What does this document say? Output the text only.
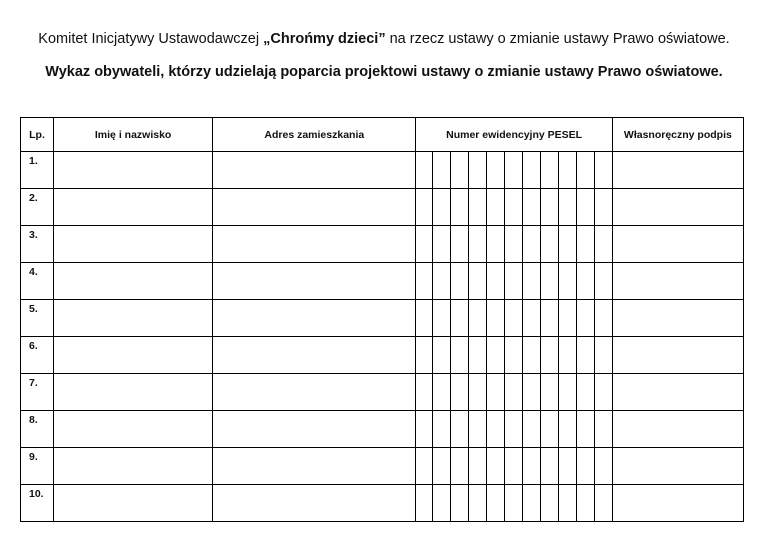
Komitet Inicjatywy Ustawodawczej „Chrońmy dzieci” na rzecz ustawy o zmianie ustawy Prawo oświatowe.
Wykaz obywateli, którzy udzielają poparcia projektowi ustawy o zmianie ustawy Prawo oświatowe.
Lp.	Imię i nazwisko	Adres zamieszkania	Numer ewidencyjny PESEL											Własnoręczny podpis
1.														
2.														
3.														
4.														
5.														
6.														
7.														
8.														
9.														
10.														
